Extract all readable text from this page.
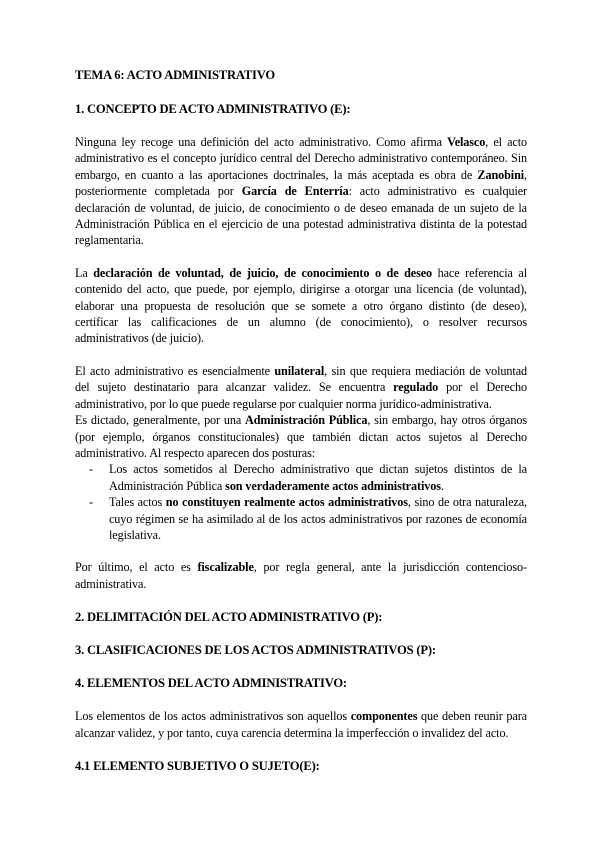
TEMA 6: ACTO ADMINISTRATIVO

1. CONCEPTO DE ACTO ADMINISTRATIVO (E):

Ninguna ley recoge una definición del acto administrativo. Como afirma Velasco, el acto administrativo es el concepto jurídico central del Derecho administrativo contemporáneo. Sin embargo, en cuanto a las aportaciones doctrinales, la más aceptada es obra de Zanobini, posteriormente completada por García de Enterría: acto administrativo es cualquier declaración de voluntad, de juicio, de conocimiento o de deseo emanada de un sujeto de la Administración Pública en el ejercicio de una potestad administrativa distinta de la potestad reglamentaria.

La declaración de voluntad, de juicio, de conocimiento o de deseo hace referencia al contenido del acto, que puede, por ejemplo, dirigirse a otorgar una licencia (de voluntad), elaborar una propuesta de resolución que se somete a otro órgano distinto (de deseo), certificar las calificaciones de un alumno (de conocimiento), o resolver recursos administrativos (de juicio).

El acto administrativo es esencialmente unilateral, sin que requiera mediación de voluntad del sujeto destinatario para alcanzar validez. Se encuentra regulado por el Derecho administrativo, por lo que puede regularse por cualquier norma jurídico-administrativa.

Es dictado, generalmente, por una Administración Pública, sin embargo, hay otros órganos (por ejemplo, órganos constitucionales) que también dictan actos sujetos al Derecho administrativo. Al respecto aparecen dos posturas:

- Los actos sometidos al Derecho administrativo que dictan sujetos distintos de la Administración Pública son verdaderamente actos administrativos.
- Tales actos no constituyen realmente actos administrativos, sino de otra naturaleza, cuyo régimen se ha asimilado al de los actos administrativos por razones de economía legislativa.

Por último, el acto es fiscalizable, por regla general, ante la jurisdicción contencioso-administrativa.

2. DELIMITACIÓN DEL ACTO ADMINISTRATIVO (P):

3. CLASIFICACIONES DE LOS ACTOS ADMINISTRATIVOS (P):

4. ELEMENTOS DEL ACTO ADMINISTRATIVO:

Los elementos de los actos administrativos son aquellos componentes que deben reunir para alcanzar validez, y por tanto, cuya carencia determina la imperfección o invalidez del acto.

4.1 ELEMENTO SUBJETIVO O SUJETO(E):
